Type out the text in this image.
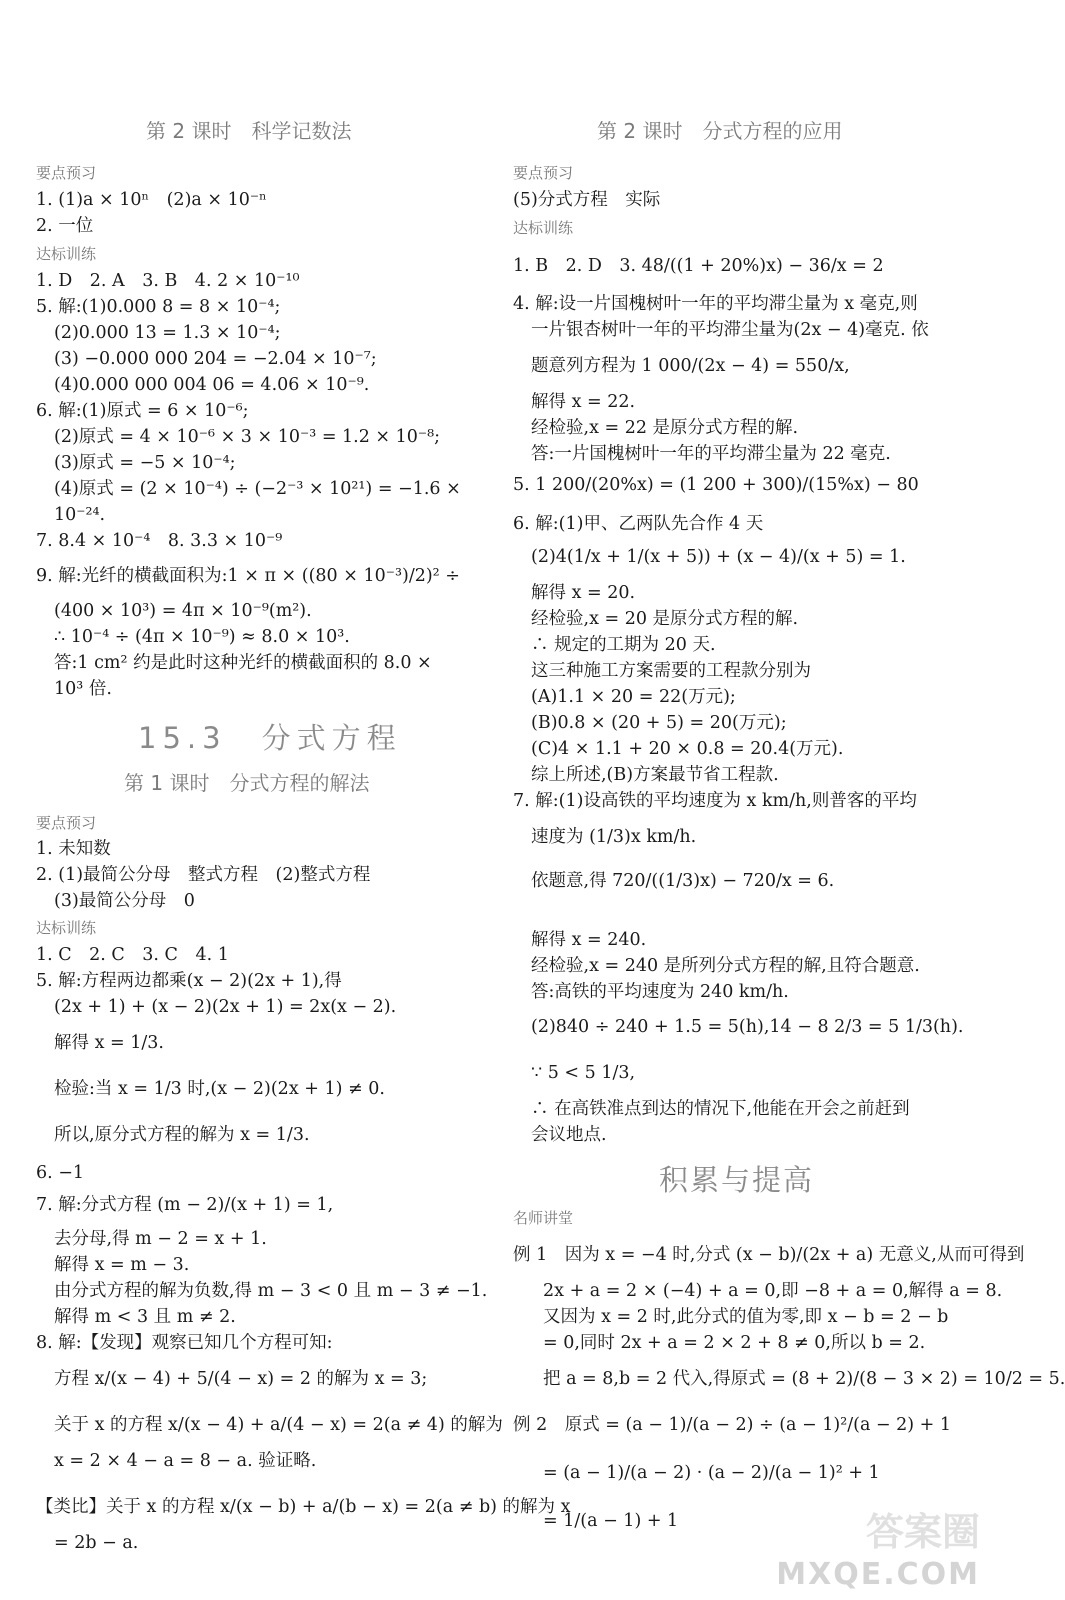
第 2 课时　科学记数法
要点预习
1. (1)a × 10ⁿ　(2)a × 10⁻ⁿ
2. 一位
达标训练
1. D　2. A　3. B　4. 2 × 10⁻¹⁰
5. 解:(1)0.000 8 = 8 × 10⁻⁴;
(2)0.000 13 = 1.3 × 10⁻⁴;
(3) −0.000 000 204 = −2.04 × 10⁻⁷;
(4)0.000 000 004 06 = 4.06 × 10⁻⁹.
6. 解:(1)原式 = 6 × 10⁻⁶;
(2)原式 = 4 × 10⁻⁶ × 3 × 10⁻³ = 1.2 × 10⁻⁸;
(3)原式 = −5 × 10⁻⁴;
(4)原式 = (2 × 10⁻⁴) ÷ (−2⁻³ × 10²¹) = −1.6 ×
10⁻²⁴.
7. 8.4 × 10⁻⁴　8. 3.3 × 10⁻⁹
9. 解:光纤的横截面积为:1 × π × ((80 × 10⁻³)/2)² ÷
(400 × 10³) = 4π × 10⁻⁹(m²).
∴ 10⁻⁴ ÷ (4π × 10⁻⁹) ≈ 8.0 × 10³.
答:1 cm² 约是此时这种光纤的横截面积的 8.0 ×
10³ 倍.
15.3　分式方程
第 1 课时　分式方程的解法
要点预习
1. 未知数
2. (1)最简公分母　整式方程　(2)整式方程
(3)最简公分母　0
达标训练
1. C　2. C　3. C　4. 1
5. 解:方程两边都乘(x − 2)(2x + 1),得
(2x + 1) + (x − 2)(2x + 1) = 2x(x − 2).
解得 x = 1/3.
检验:当 x = 1/3 时,(x − 2)(2x + 1) ≠ 0.
所以,原分式方程的解为 x = 1/3.
6. −1
7. 解:分式方程 (m − 2)/(x + 1) = 1,
去分母,得 m − 2 = x + 1.
解得 x = m − 3.
由分式方程的解为负数,得 m − 3 < 0 且 m − 3 ≠ −1.
解得 m < 3 且 m ≠ 2.
8. 解:【发现】观察已知几个方程可知:
方程 x/(x − 4) + 5/(4 − x) = 2 的解为 x = 3;
关于 x 的方程 x/(x − 4) + a/(4 − x) = 2(a ≠ 4) 的解为
x = 2 × 4 − a = 8 − a. 验证略.
【类比】关于 x 的方程 x/(x − b) + a/(b − x) = 2(a ≠ b) 的解为 x
= 2b − a.
第 2 课时　分式方程的应用
要点预习
(5)分式方程　实际
达标训练
1. B　2. D　3. 48/((1 + 20%)x) − 36/x = 2
4. 解:设一片国槐树叶一年的平均滞尘量为 x 毫克,则
一片银杏树叶一年的平均滞尘量为(2x − 4)毫克. 依
题意列方程为 1 000/(2x − 4) = 550/x,
解得 x = 22.
经检验,x = 22 是原分式方程的解.
答:一片国槐树叶一年的平均滞尘量为 22 毫克.
5. 1 200/(20%x) = (1 200 + 300)/(15%x) − 80
6. 解:(1)甲、乙两队先合作 4 天
(2)4(1/x + 1/(x + 5)) + (x − 4)/(x + 5) = 1.
解得 x = 20.
经检验,x = 20 是原分式方程的解.
∴ 规定的工期为 20 天.
这三种施工方案需要的工程款分别为
(A)1.1 × 20 = 22(万元);
(B)0.8 × (20 + 5) = 20(万元);
(C)4 × 1.1 + 20 × 0.8 = 20.4(万元).
综上所述,(B)方案最节省工程款.
7. 解:(1)设高铁的平均速度为 x km/h,则普客的平均
速度为 (1/3)x km/h.
依题意,得 720/((1/3)x) − 720/x = 6.
解得 x = 240.
经检验,x = 240 是所列分式方程的解,且符合题意.
答:高铁的平均速度为 240 km/h.
(2)840 ÷ 240 + 1.5 = 5(h),14 − 8 2/3 = 5 1/3(h).
∵ 5 < 5 1/3,
∴ 在高铁准点到达的情况下,他能在开会之前赶到
会议地点.
积累与提高
名师讲堂
例 1　因为 x = −4 时,分式 (x − b)/(2x + a) 无意义,从而可得到
2x + a = 2 × (−4) + a = 0,即 −8 + a = 0,解得 a = 8.
又因为 x = 2 时,此分式的值为零,即 x − b = 2 − b
= 0,同时 2x + a = 2 × 2 + 8 ≠ 0,所以 b = 2.
把 a = 8,b = 2 代入,得原式 = (8 + 2)/(8 − 3 × 2) = 10/2 = 5.
例 2　原式 = (a − 1)/(a − 2) ÷ (a − 1)²/(a − 2) + 1
= (a − 1)/(a − 2) · (a − 2)/(a − 1)² + 1
= 1/(a − 1) + 1	答案圈
MXQE.COM
